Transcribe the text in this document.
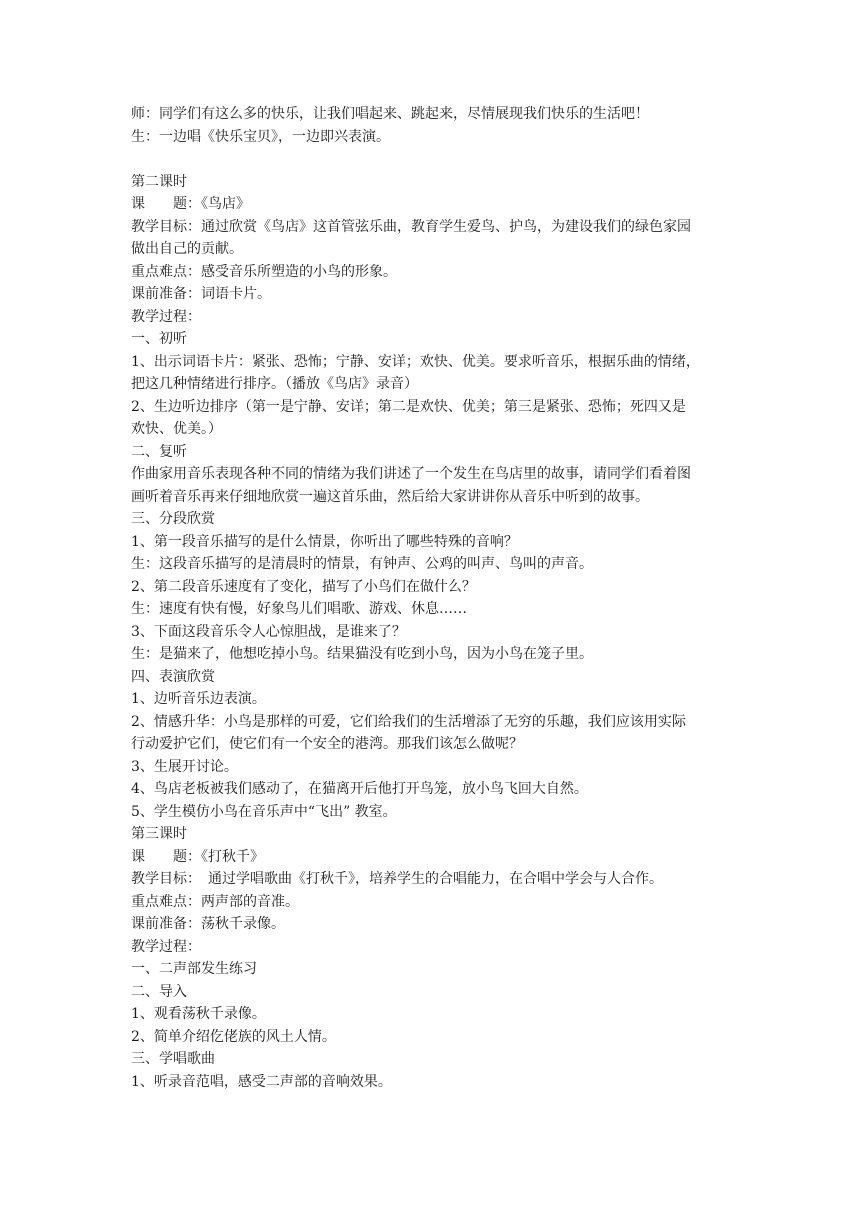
师：同学们有这么多的快乐，让我们唱起来、跳起来，尽情展现我们快乐的生活吧！
生：一边唱《快乐宝贝》，一边即兴表演。
第二课时
课　　题：《鸟店》
教学目标：通过欣赏《鸟店》这首管弦乐曲，教育学生爱鸟、护鸟，为建设我们的绿色家园
做出自己的贡献。
重点难点：感受音乐所塑造的小鸟的形象。
课前准备：词语卡片。
教学过程：
一、初听
1、出示词语卡片：紧张、恐怖；宁静、安详；欢快、优美。要求听音乐，根据乐曲的情绪，
把这几种情绪进行排序。（播放《鸟店》录音）
2、生边听边排序（第一是宁静、安详；第二是欢快、优美；第三是紧张、恐怖；死四又是
欢快、优美。）
二、复听
作曲家用音乐表现各种不同的情绪为我们讲述了一个发生在鸟店里的故事，请同学们看着图
画听着音乐再来仔细地欣赏一遍这首乐曲，然后给大家讲讲你从音乐中听到的故事。
三、分段欣赏
1、第一段音乐描写的是什么情景，你听出了哪些特殊的音响？
生：这段音乐描写的是清晨时的情景，有钟声、公鸡的叫声、鸟叫的声音。
2、第二段音乐速度有了变化，描写了小鸟们在做什么？
生：速度有快有慢，好象鸟儿们唱歌、游戏、休息……
3、下面这段音乐令人心惊胆战，是谁来了？
生：是猫来了，他想吃掉小鸟。结果猫没有吃到小鸟，因为小鸟在笼子里。
四、表演欣赏
1、边听音乐边表演。
2、情感升华：小鸟是那样的可爱，它们给我们的生活增添了无穷的乐趣，我们应该用实际
行动爱护它们，使它们有一个安全的港湾。那我们该怎么做呢？
3、生展开讨论。
4、鸟店老板被我们感动了，在猫离开后他打开鸟笼，放小鸟飞回大自然。
5、学生模仿小鸟在音乐声中“飞出” 教室。
第三课时
课　　题：《打秋千》
教学目标：　通过学唱歌曲《打秋千》，培养学生的合唱能力，在合唱中学会与人合作。
重点难点：两声部的音准。
课前准备：荡秋千录像。
教学过程：
一、二声部发生练习
二、导入
1、观看荡秋千录像。
2、简单介绍仡佬族的风土人情。
三、学唱歌曲
1、听录音范唱，感受二声部的音响效果。
